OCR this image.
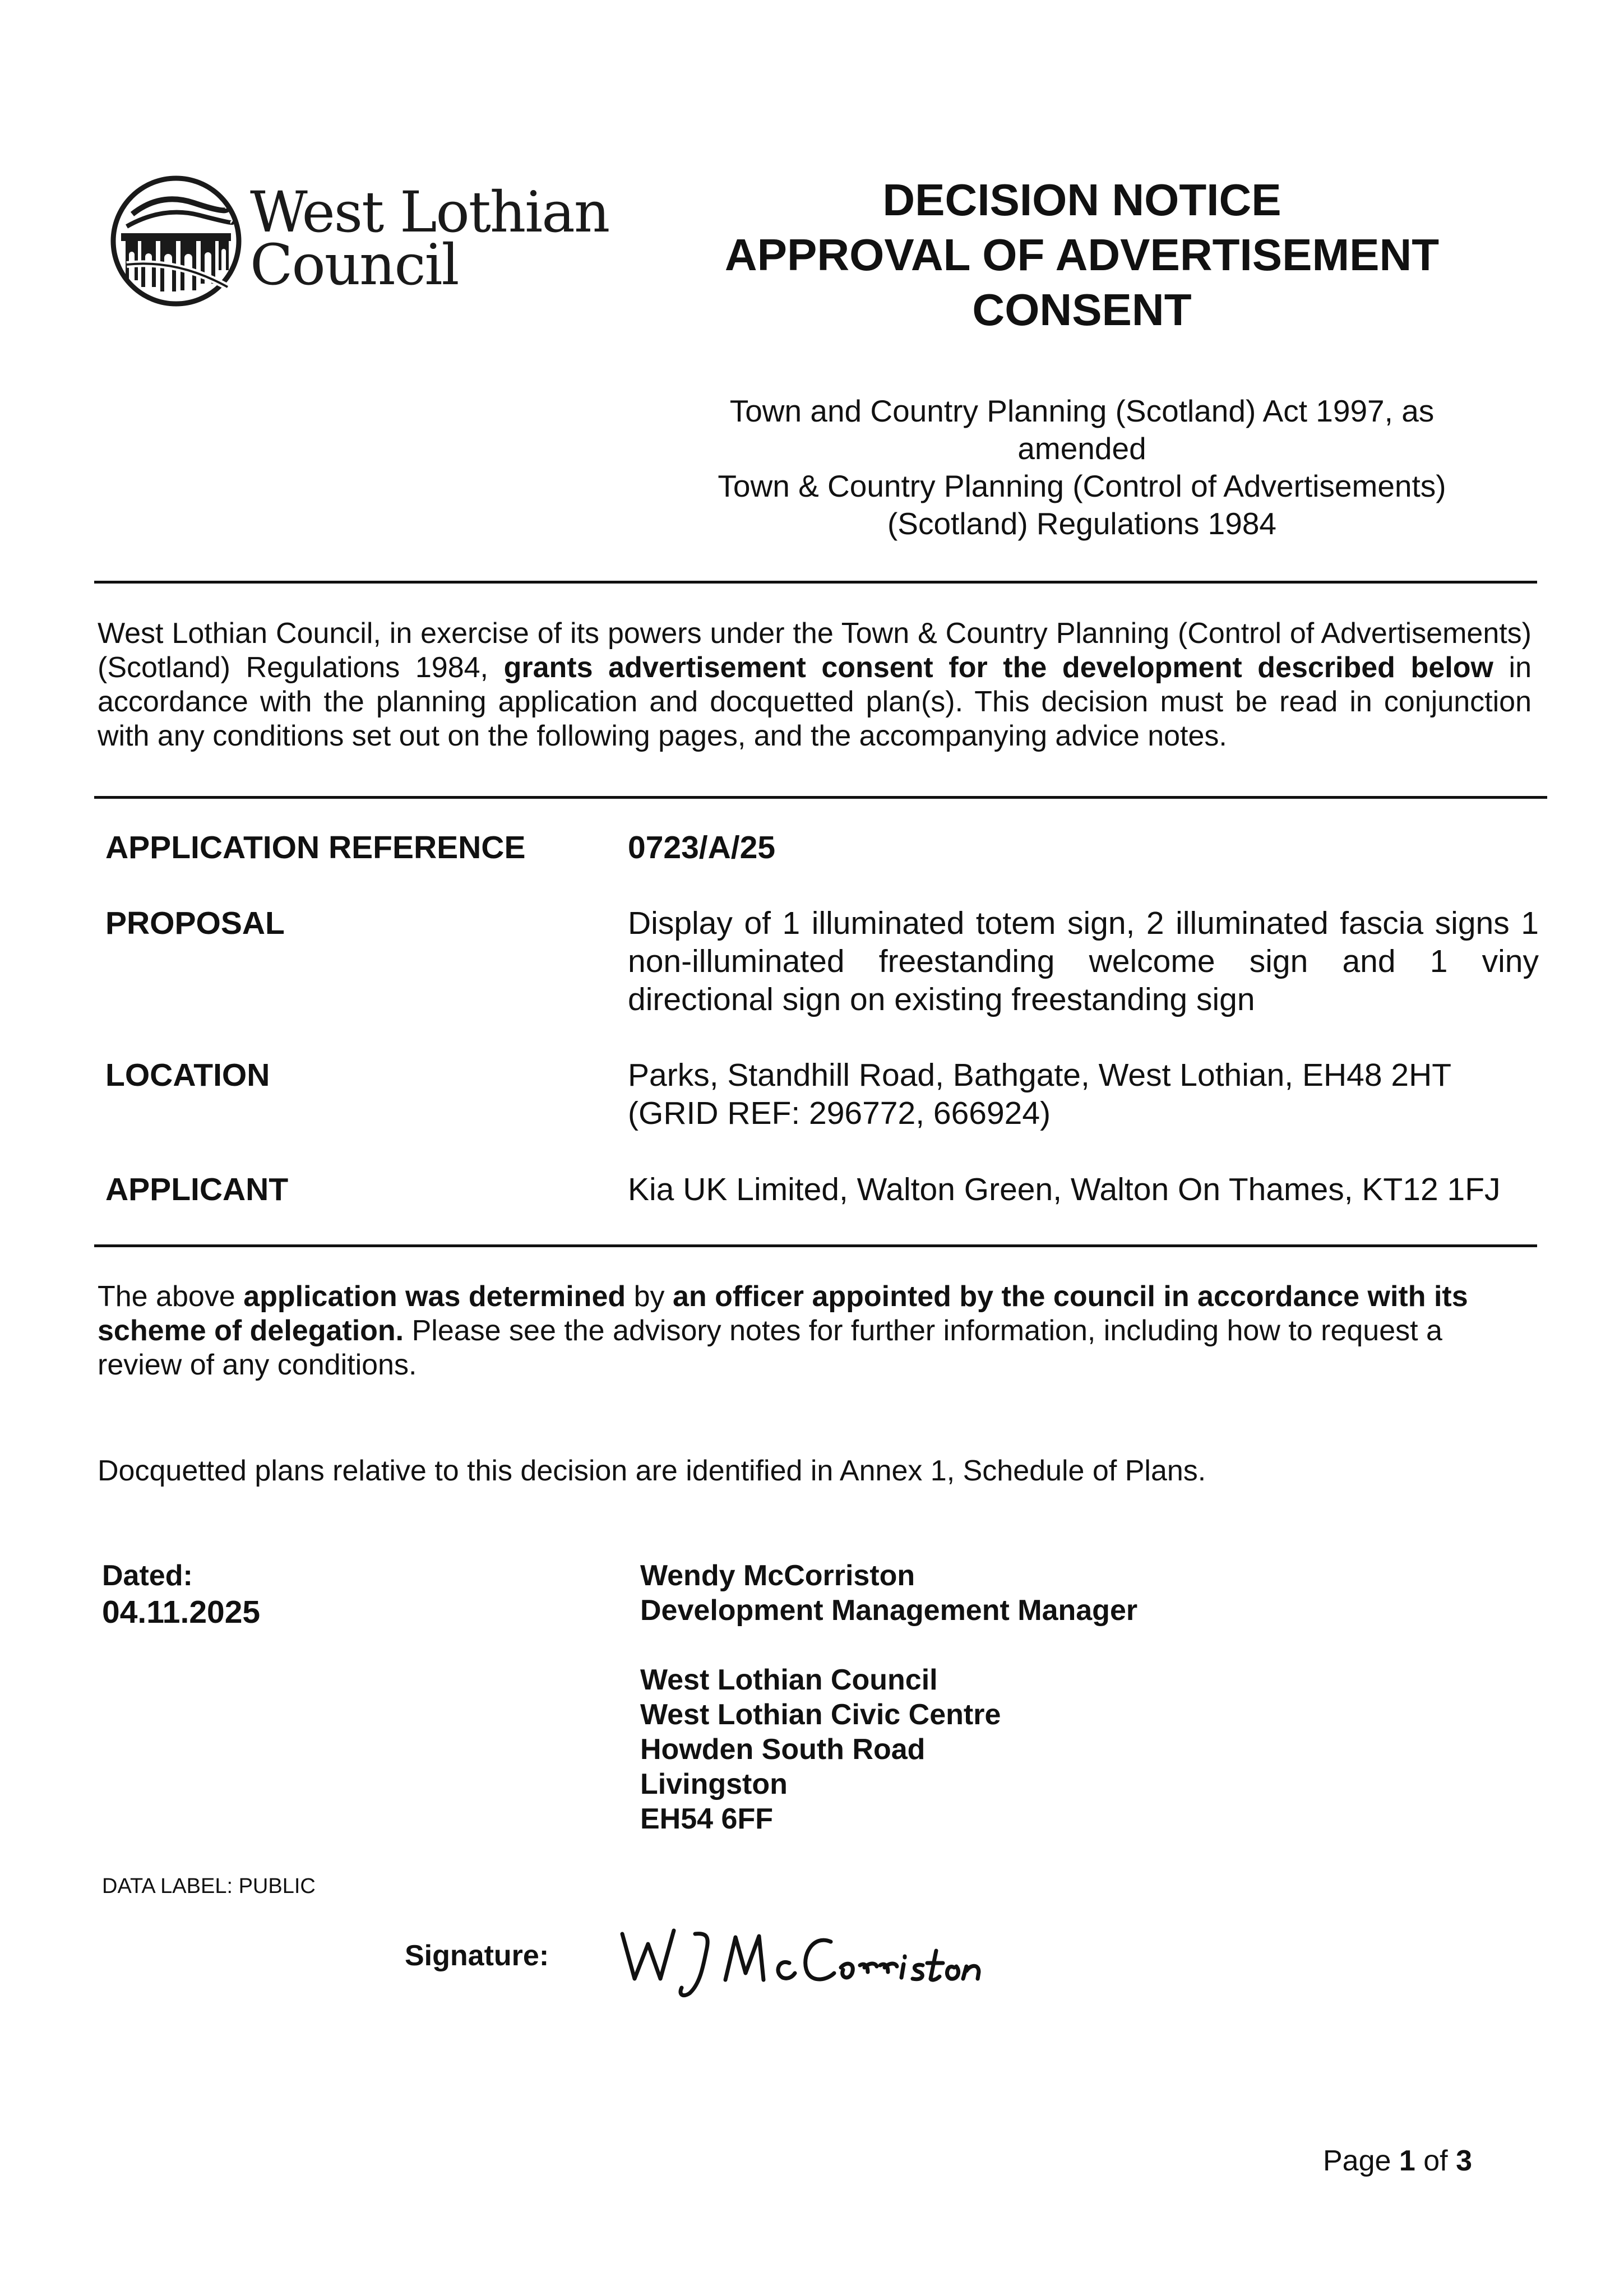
West Lothian
Council
DECISION NOTICE
APPROVAL OF ADVERTISEMENT
CONSENT
Town and Country Planning (Scotland) Act 1997, as
amended
Town & Country Planning (Control of Advertisements)
(Scotland) Regulations 1984
West Lothian Council, in exercise of its powers under the Town & Country Planning (Control of Advertisements) (Scotland) Regulations 1984, grants advertisement consent for the development described below in accordance with the planning application and docquetted plan(s). This decision must be read in conjunction with any conditions set out on the following pages, and the accompanying advice notes.
APPLICATION REFERENCE	0723/A/25
PROPOSAL	Display of 1 illuminated totem sign, 2 illuminated fascia signs 1 non-illuminated freestanding welcome sign and 1 viny directional sign on existing freestanding sign
LOCATION	Parks, Standhill Road, Bathgate, West Lothian, EH48 2HT
(GRID REF: 296772, 666924)
APPLICANT	Kia UK Limited, Walton Green, Walton On Thames, KT12 1FJ
The above application was determined by an officer appointed by the council in accordance with its scheme of delegation. Please see the advisory notes for further information, including how to request a review of any conditions.
Docquetted plans relative to this decision are identified in Annex 1, Schedule of Plans.
Dated:
04.11.2025
Wendy McCorriston
Development Management Manager
West Lothian Council
West Lothian Civic Centre
Howden South Road
Livingston
EH54 6FF
DATA LABEL: PUBLIC
Signature:
Page 1 of 3
